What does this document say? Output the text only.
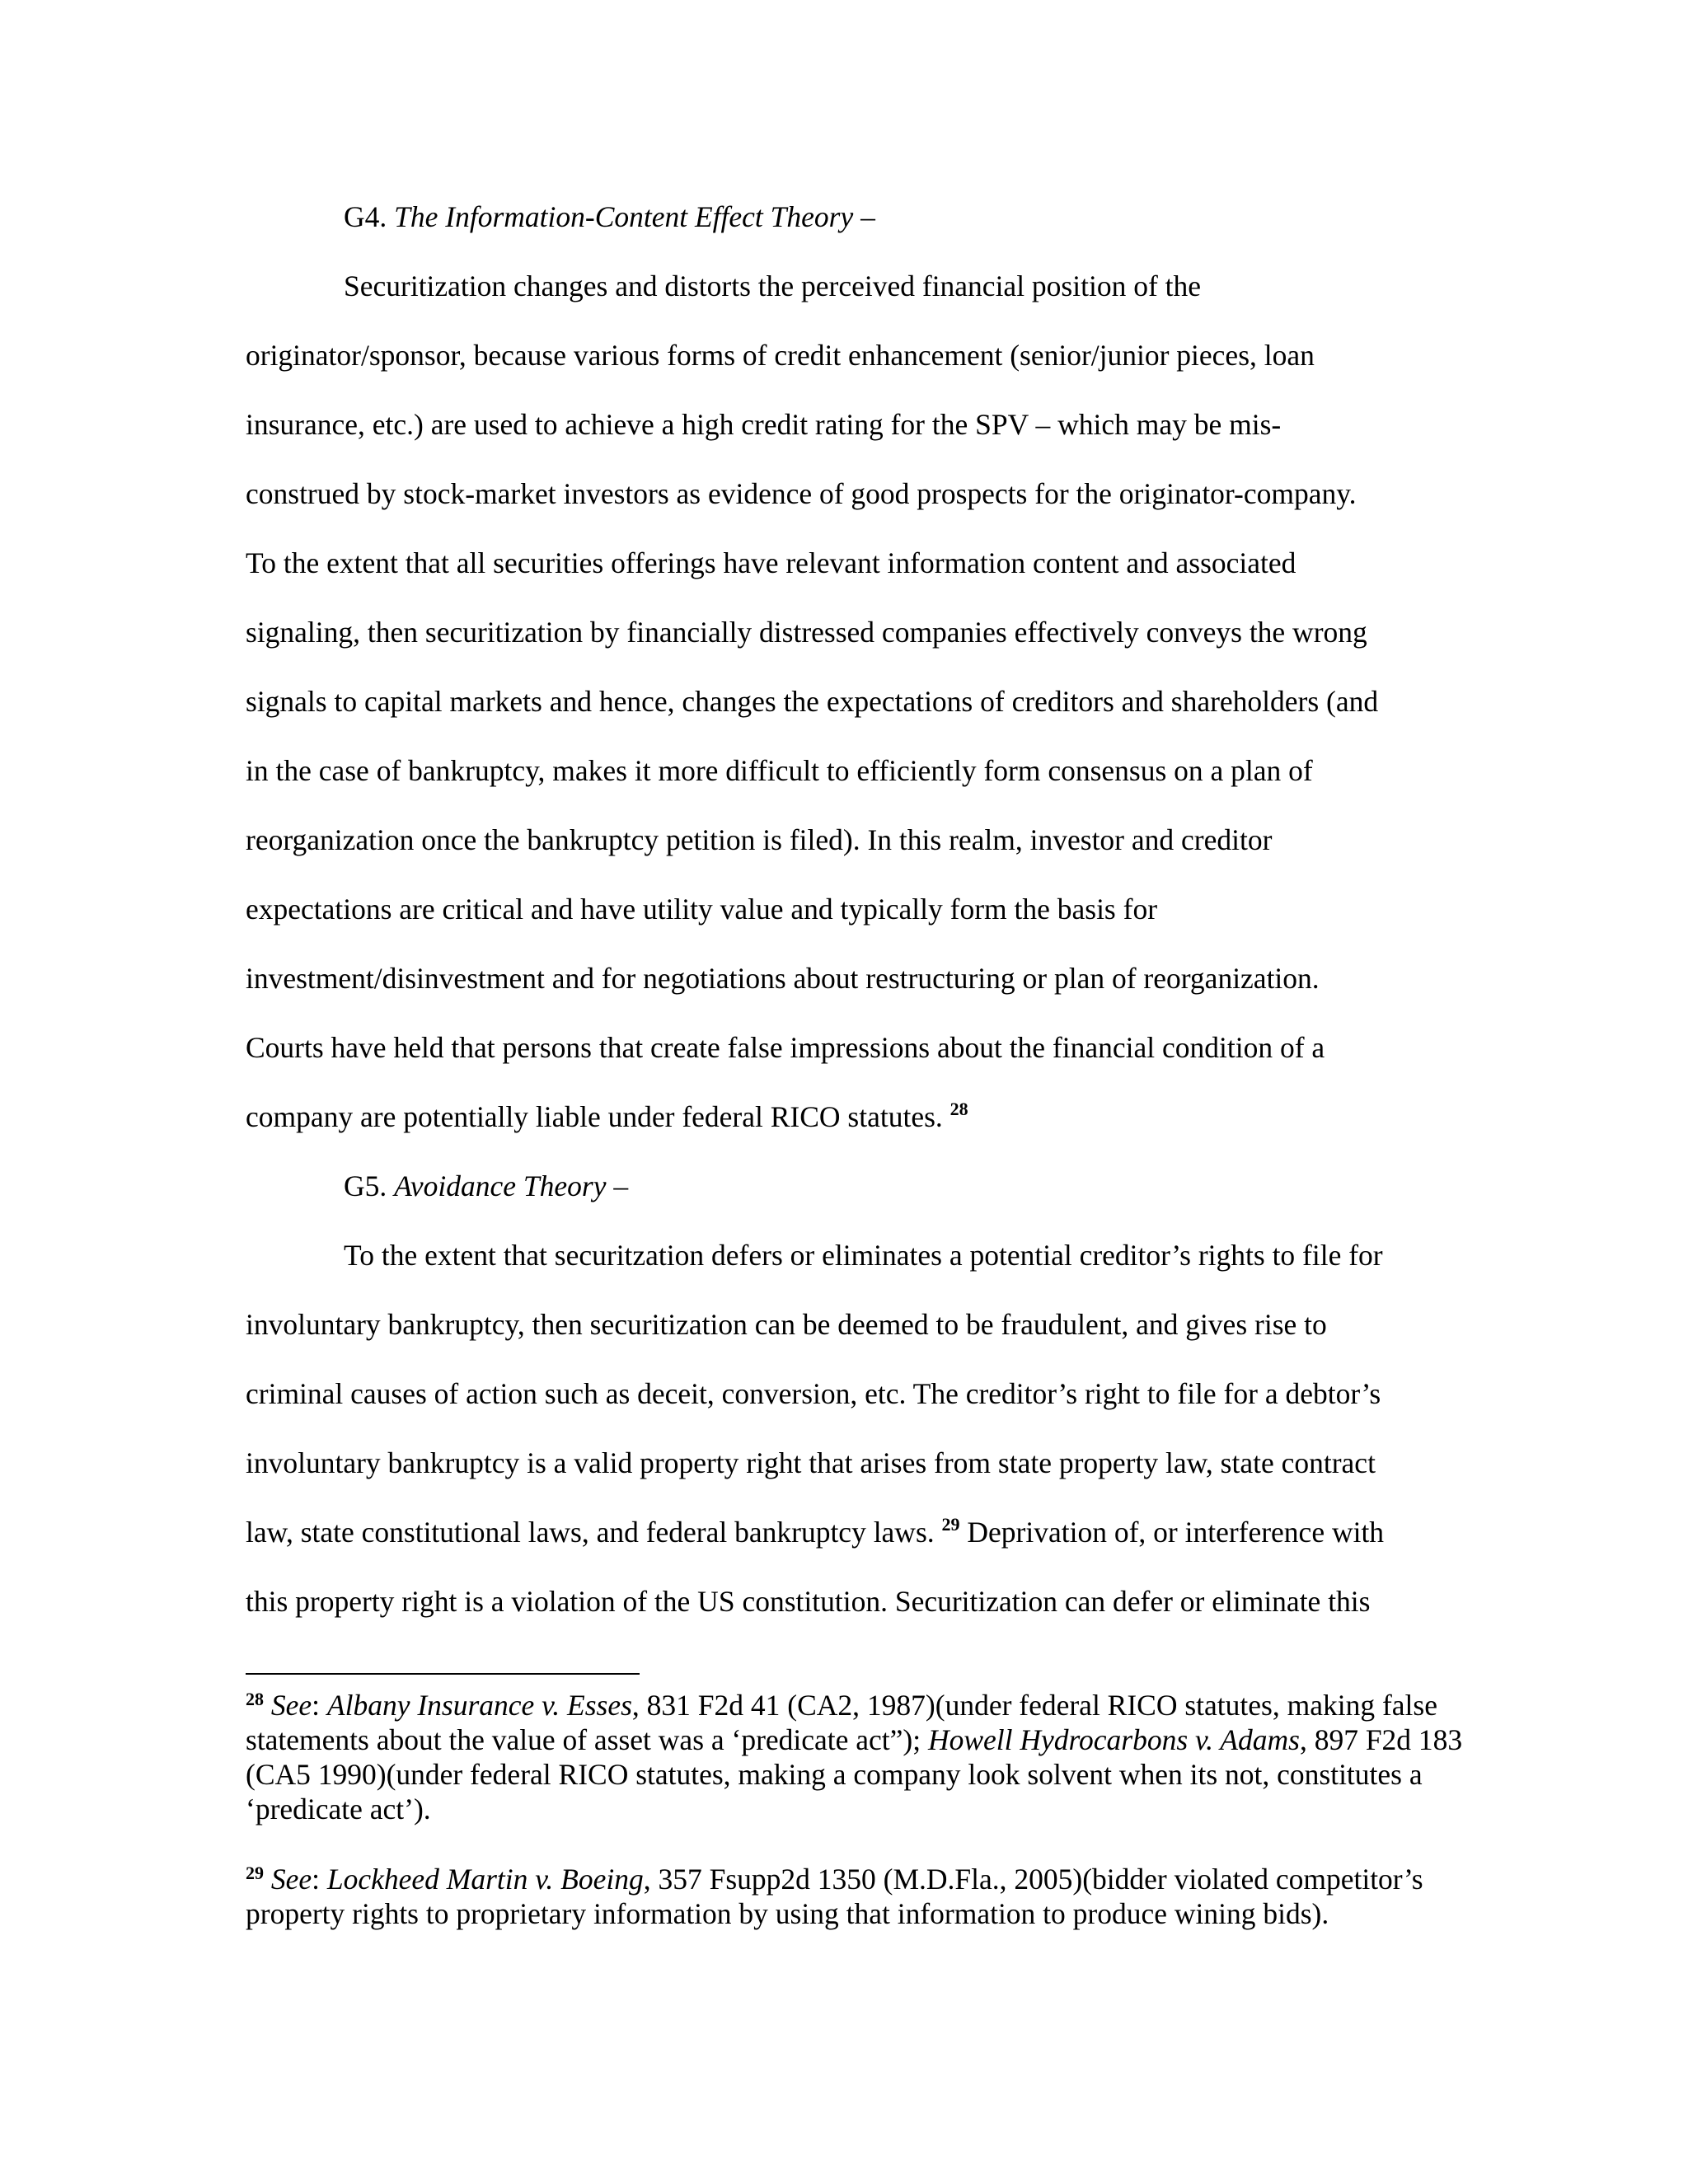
G4. The Information-Content Effect Theory –
Securitization changes and distorts the perceived financial position of the
originator/sponsor, because various forms of credit enhancement (senior/junior pieces, loan
insurance, etc.) are used to achieve a high credit rating for the SPV – which may be mis-
construed by stock-market investors as evidence of good prospects for the originator-company.
To the extent that all securities offerings have relevant information content and associated
signaling, then securitization by financially distressed companies effectively conveys the wrong
signals to capital markets and hence, changes the expectations of creditors and shareholders (and
in the case of bankruptcy, makes it more difficult to efficiently form consensus on a plan of
reorganization once the bankruptcy petition is filed). In this realm, investor and creditor
expectations are critical and have utility value and typically form the basis for
investment/disinvestment and for negotiations about restructuring or plan of reorganization.
Courts have held that persons that create false impressions about the financial condition of a
company are potentially liable under federal RICO statutes. $^{28}$
G5. Avoidance Theory –
To the extent that securitzation defers or eliminates a potential creditor’s rights to file for
involuntary bankruptcy, then securitization can be deemed to be fraudulent, and gives rise to
criminal causes of action such as deceit, conversion, etc. The creditor’s right to file for a debtor’s
involuntary bankruptcy is a valid property right that arises from state property law, state contract
law, state constitutional laws, and federal bankruptcy laws. $^{29}$ Deprivation of, or interference with
this property right is a violation of the US constitution. Securitization can defer or eliminate this
$^{28}$ See: Albany Insurance v. Esses, 831 F2d 41 (CA2, 1987)(under federal RICO statutes, making false statements about the value of asset was a ‘predicate act”); Howell Hydrocarbons v. Adams, 897 F2d 183 (CA5 1990)(under federal RICO statutes, making a company look solvent when its not, constitutes a ‘predicate act’).
$^{29}$ See: Lockheed Martin v. Boeing, 357 Fsupp2d 1350 (M.D.Fla., 2005)(bidder violated competitor’s property rights to proprietary information by using that information to produce wining bids).
